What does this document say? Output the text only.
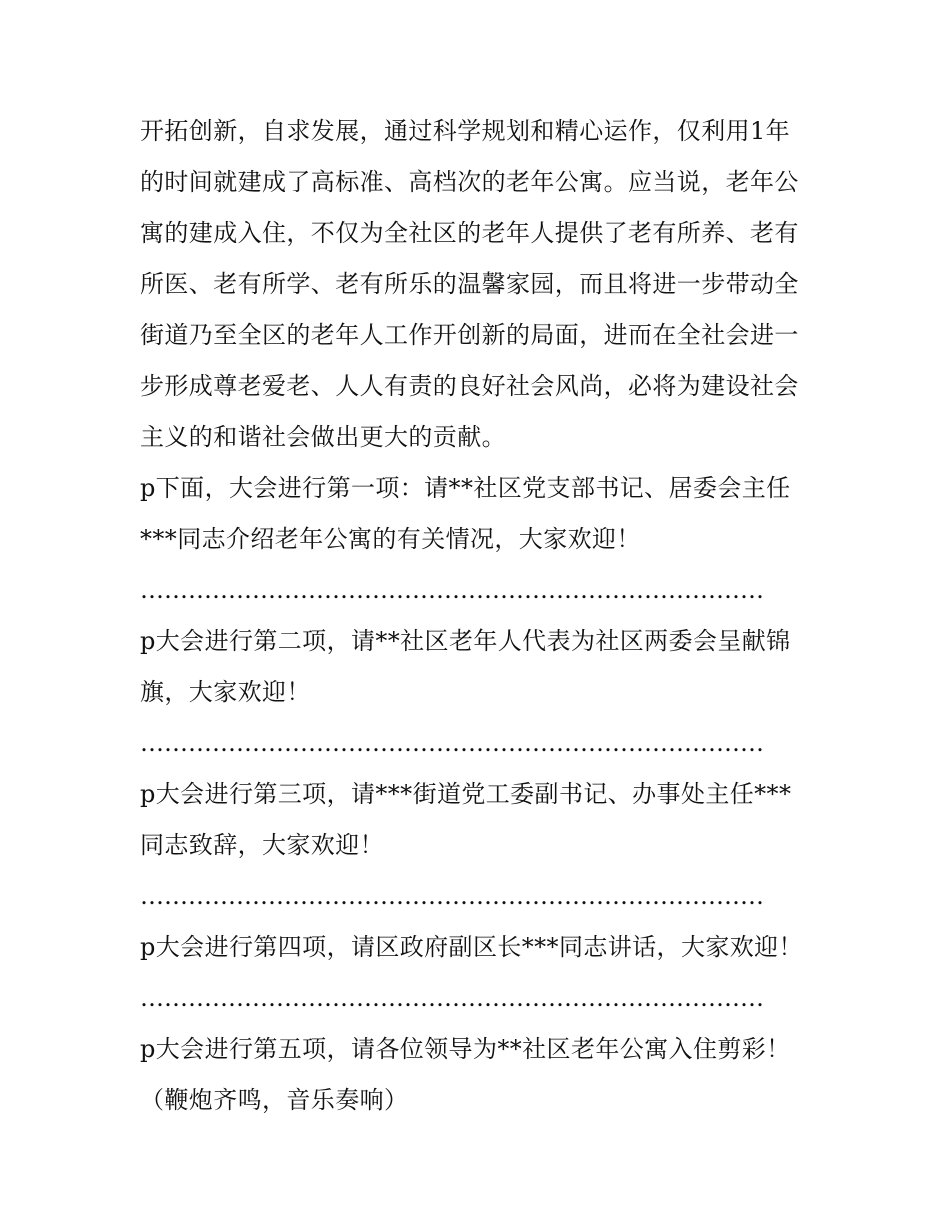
开拓创新，自求发展，通过科学规划和精心运作，仅利用1年
的时间就建成了高标准、高档次的老年公寓。应当说，老年公
寓的建成入住，不仅为全社区的老年人提供了老有所养、老有
所医、老有所学、老有所乐的温馨家园，而且将进一步带动全
街道乃至全区的老年人工作开创新的局面，进而在全社会进一
步形成尊老爱老、人人有责的良好社会风尚，必将为建设社会
主义的和谐社会做出更大的贡献。

p下面，大会进行第一项：请**社区党支部书记、居委会主任
***同志介绍老年公寓的有关情况，大家欢迎！

……………………………………………………………………

p大会进行第二项，请**社区老年人代表为社区两委会呈献锦
旗，大家欢迎！

……………………………………………………………………

p大会进行第三项，请***街道党工委副书记、办事处主任***
同志致辞，大家欢迎！

……………………………………………………………………

p大会进行第四项，请区政府副区长***同志讲话，大家欢迎！

……………………………………………………………………

p大会进行第五项，请各位领导为**社区老年公寓入住剪彩！
（鞭炮齐鸣，音乐奏响）
